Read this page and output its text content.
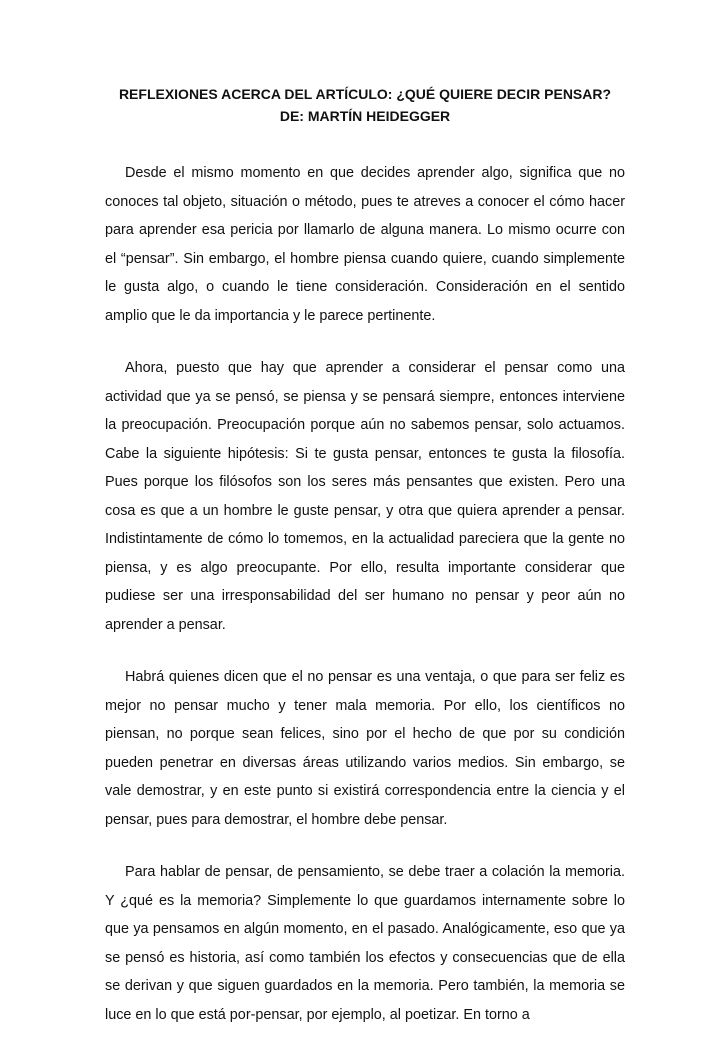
REFLEXIONES ACERCA DEL ARTÍCULO: ¿QUÉ QUIERE DECIR PENSAR?
DE: MARTÍN HEIDEGGER

Desde el mismo momento en que decides aprender algo, significa que no conoces tal objeto, situación o método, pues te atreves a conocer el cómo hacer para aprender esa pericia por llamarlo de alguna manera. Lo mismo ocurre con el “pensar”. Sin embargo, el hombre piensa cuando quiere, cuando simplemente le gusta algo, o cuando le tiene consideración. Consideración en el sentido amplio que le da importancia y le parece pertinente.

Ahora, puesto que hay que aprender a considerar el pensar como una actividad que ya se pensó, se piensa y se pensará siempre, entonces interviene la preocupación. Preocupación porque aún no sabemos pensar, solo actuamos. Cabe la siguiente hipótesis: Si te gusta pensar, entonces te gusta la filosofía. Pues porque los filósofos son los seres más pensantes que existen. Pero una cosa es que a un hombre le guste pensar, y otra que quiera aprender a pensar. Indistintamente de cómo lo tomemos, en la actualidad pareciera que la gente no piensa, y es algo preocupante. Por ello, resulta importante considerar que pudiese ser una irresponsabilidad del ser humano no pensar y peor aún no aprender a pensar.

Habrá quienes dicen que el no pensar es una ventaja, o que para ser feliz es mejor no pensar mucho y tener mala memoria. Por ello, los científicos no piensan, no porque sean felices, sino por el hecho de que por su condición pueden penetrar en diversas áreas utilizando varios medios. Sin embargo, se vale demostrar, y en este punto si existirá correspondencia entre la ciencia y el pensar, pues para demostrar, el hombre debe pensar.

Para hablar de pensar, de pensamiento, se debe traer a colación la memoria. Y ¿qué es la memoria? Simplemente lo que guardamos internamente sobre lo que ya pensamos en algún momento, en el pasado. Analógicamente, eso que ya se pensó es historia, así como también los efectos y consecuencias que de ella se derivan y que siguen guardados en la memoria. Pero también, la memoria se luce en lo que está por-pensar, por ejemplo, al poetizar. En torno a
